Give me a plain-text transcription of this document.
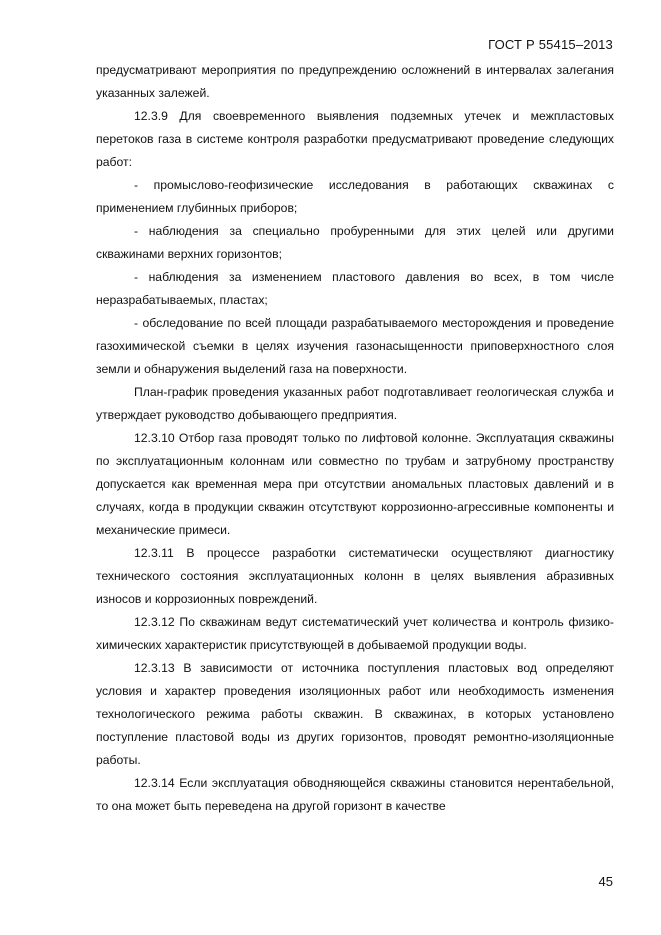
ГОСТ Р 55415–2013

предусматривают мероприятия по предупреждению осложнений в интервалах залегания указанных залежей.

12.3.9 Для своевременного выявления подземных утечек и межпластовых перетоков газа в системе контроля разработки предусматривают проведение следующих работ:

- промыслово-геофизические исследования в работающих скважинах с применением глубинных приборов;

- наблюдения за специально пробуренными для этих целей или другими скважинами верхних горизонтов;

- наблюдения за изменением пластового давления во всех, в том числе неразрабатываемых, пластах;

- обследование по всей площади разрабатываемого месторождения и проведение газохимической съемки в целях изучения газонасыщенности приповерхностного слоя земли и обнаружения выделений газа на поверхности.

План-график проведения указанных работ подготавливает геологическая служба и утверждает руководство добывающего предприятия.

12.3.10 Отбор газа проводят только по лифтовой колонне. Эксплуатация скважины по эксплуатационным колоннам или совместно по трубам и затрубному пространству допускается как временная мера при отсутствии аномальных пластовых давлений и в случаях, когда в продукции скважин отсутствуют коррозионно-агрессивные компоненты и механические примеси.

12.3.11 В процессе разработки систематически осуществляют диагностику технического состояния эксплуатационных колонн в целях выявления абразивных износов и коррозионных повреждений.

12.3.12 По скважинам ведут систематический учет количества и контроль физико-химических характеристик присутствующей в добываемой продукции воды.

12.3.13 В зависимости от источника поступления пластовых вод определяют условия и характер проведения изоляционных работ или необходимость изменения технологического режима работы скважин. В скважинах, в которых установлено поступление пластовой воды из других горизонтов, проводят ремонтно-изоляционные работы.

12.3.14 Если эксплуатация обводняющейся скважины становится нерентабельной, то она может быть переведена на другой горизонт в качестве

45
